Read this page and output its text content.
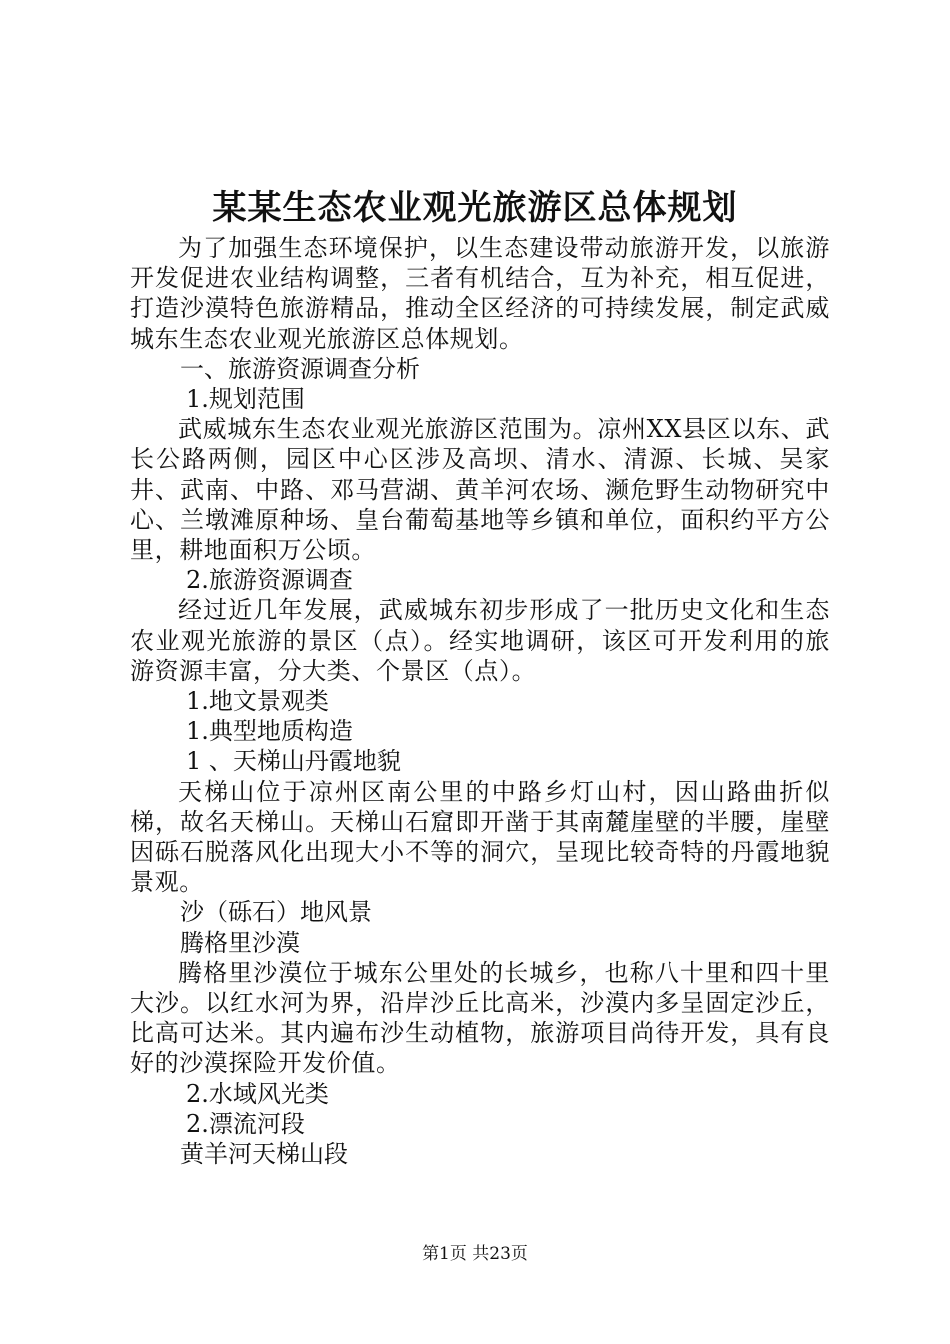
某某生态农业观光旅游区总体规划

为了加强生态环境保护，以生态建设带动旅游开发，以旅游开发促进农业结构调整，三者有机结合，互为补充，相互促进，打造沙漠特色旅游精品，推动全区经济的可持续发展，制定武威城东生态农业观光旅游区总体规划。

一、旅游资源调查分析

1.规划范围

武威城东生态农业观光旅游区范围为。凉州XX县区以东、武长公路两侧，园区中心区涉及高坝、清水、清源、长城、吴家井、武南、中路、邓马营湖、黄羊河农场、濒危野生动物研究中心、兰墩滩原种场、皇台葡萄基地等乡镇和单位，面积约平方公里，耕地面积万公顷。

2.旅游资源调查

经过近几年发展，武威城东初步形成了一批历史文化和生态农业观光旅游的景区（点）。经实地调研，该区可开发利用的旅游资源丰富，分大类、个景区（点）。

1.地文景观类

1.典型地质构造

1 、天梯山丹霞地貌

天梯山位于凉州区南公里的中路乡灯山村，因山路曲折似梯，故名天梯山。天梯山石窟即开凿于其南麓崖壁的半腰，崖壁因砾石脱落风化出现大小不等的洞穴，呈现比较奇特的丹霞地貌景观。

沙（砾石）地风景

腾格里沙漠

腾格里沙漠位于城东公里处的长城乡，也称八十里和四十里大沙。以红水河为界，沿岸沙丘比高米，沙漠内多呈固定沙丘，比高可达米。其内遍布沙生动植物，旅游项目尚待开发，具有良好的沙漠探险开发价值。

2.水域风光类

2.漂流河段

黄羊河天梯山段

第1页 共23页
